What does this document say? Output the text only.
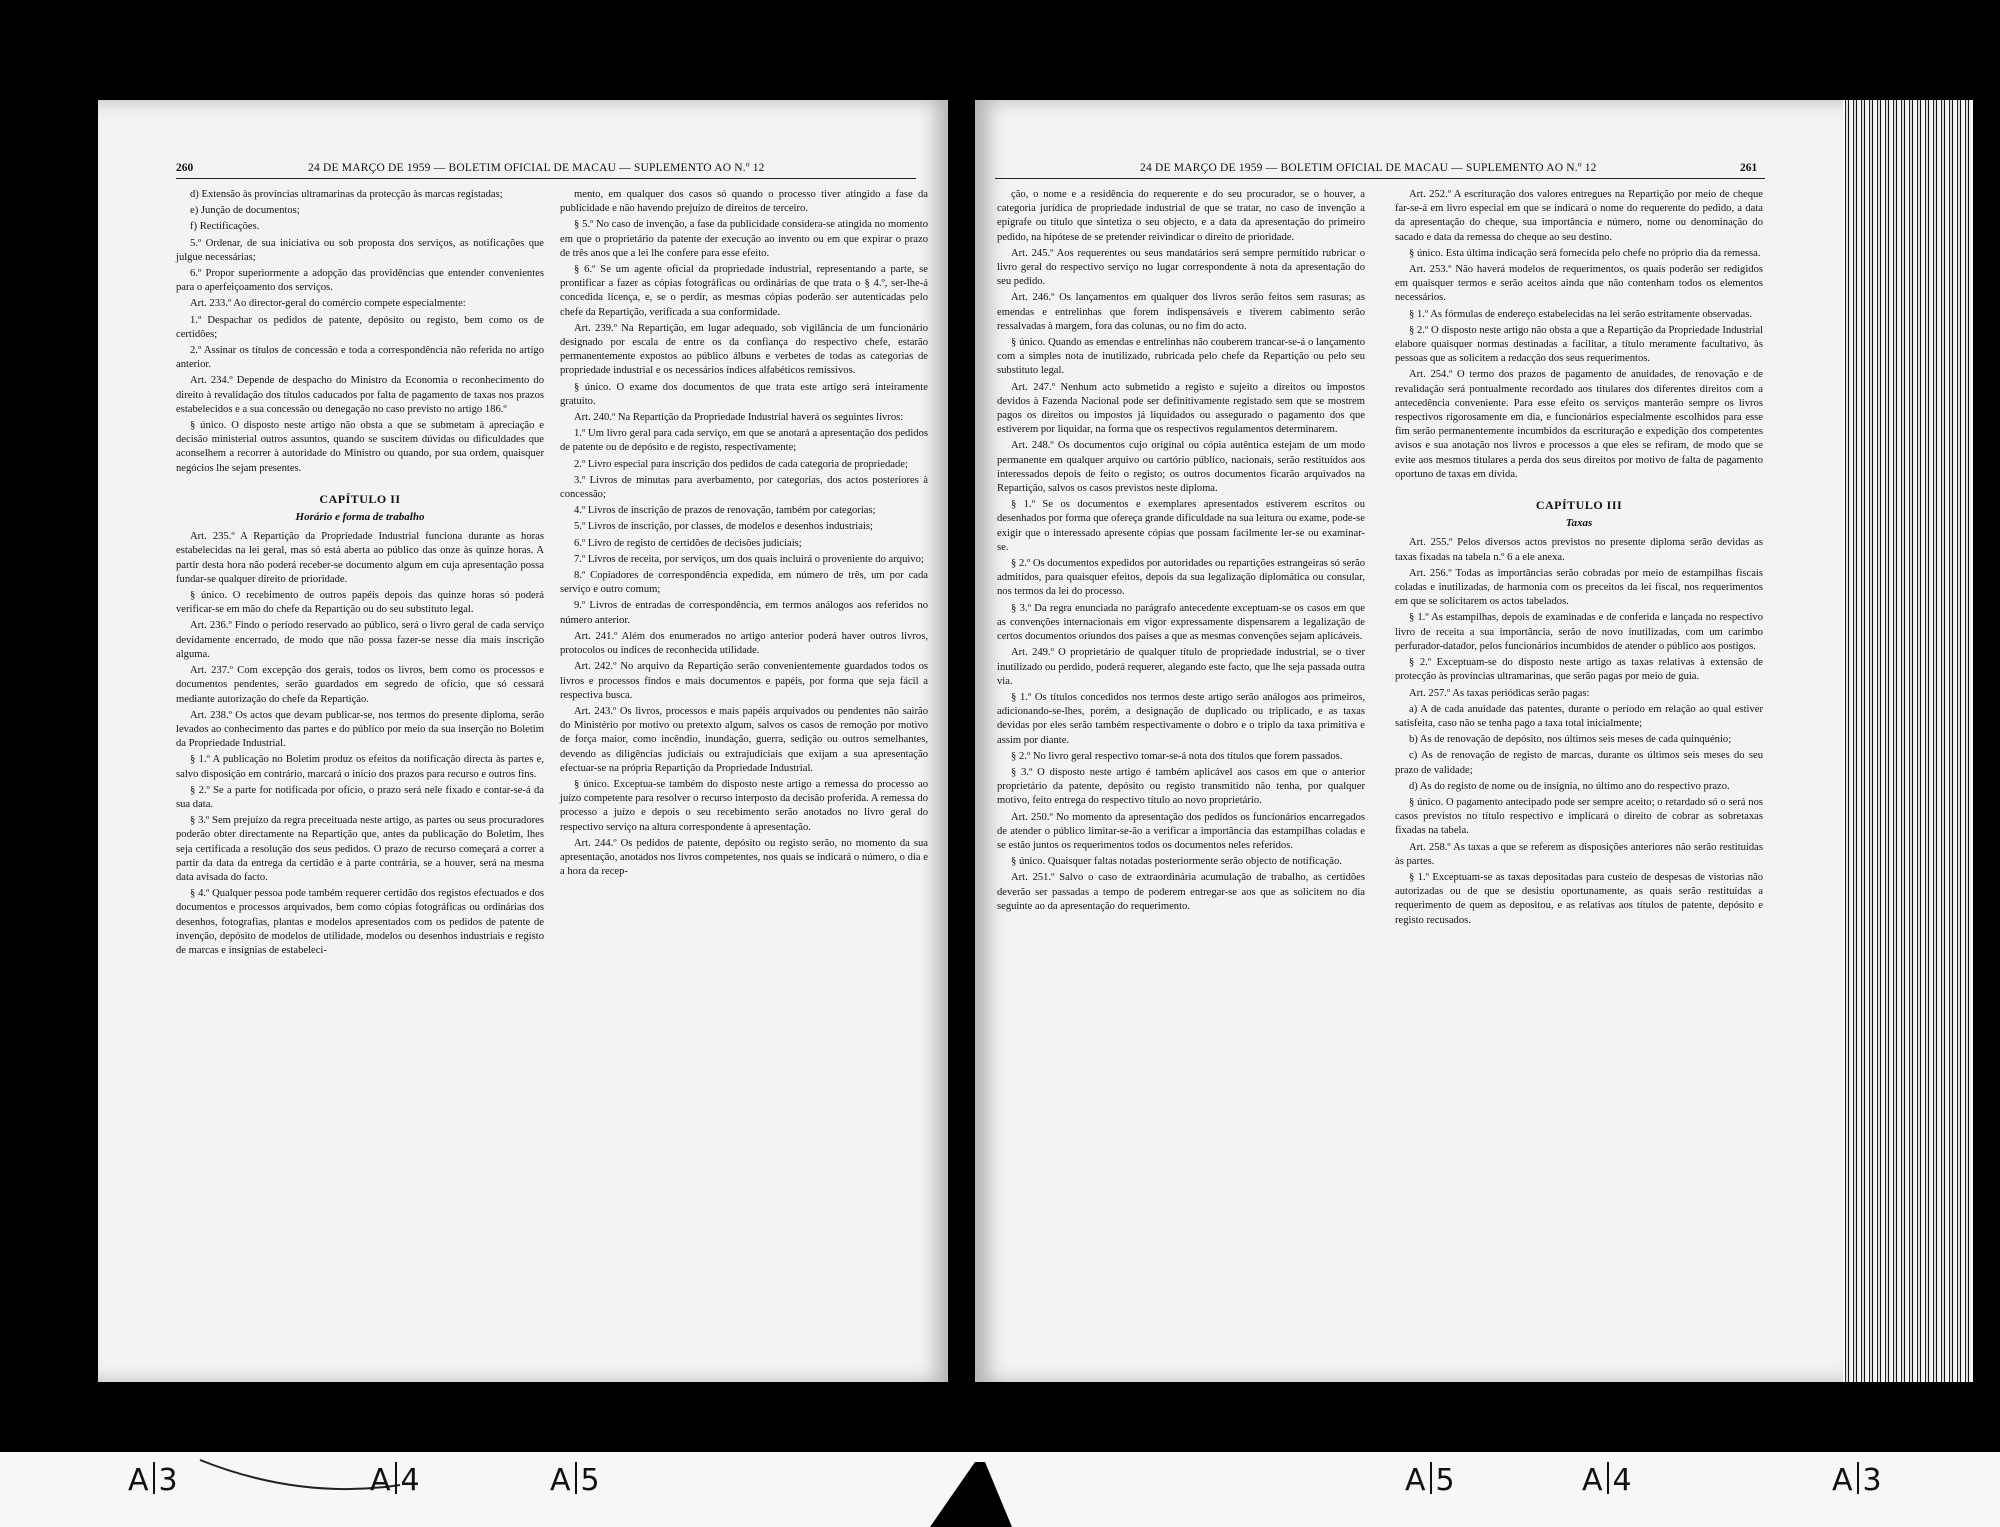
260	24 DE MARÇO DE 1959 — BOLETIM OFICIAL DE MACAU — SUPLEMENTO AO N.º 12

d) Extensão às províncias ultramarinas da protecção às marcas registadas;

e) Junção de documentos;

f) Rectificações.

5.º Ordenar, de sua iniciativa ou sob proposta dos serviços, as notificações que julgue necessárias;

6.º Propor superiormente a adopção das providências que entender convenientes para o aperfeiçoamento dos serviços.

Art. 233.º Ao director-geral do comércio compete especialmente:

1.º Despachar os pedidos de patente, depósito ou registo, bem como os de certidões;

2.º Assinar os títulos de concessão e toda a correspondência não referida no artigo anterior.

Art. 234.º Depende de despacho do Ministro da Economia o reconhecimento do direito à revalidação dos títulos caducados por falta de pagamento de taxas nos prazos estabelecidos e a sua concessão ou denegação no caso previsto no artigo 186.º

§ único. O disposto neste artigo não obsta a que se submetam à apreciação e decisão ministerial outros assuntos, quando se suscitem dúvidas ou dificuldades que aconselhem a recorrer à autoridade do Ministro ou quando, por sua ordem, quaisquer negócios lhe sejam presentes.

CAPÍTULO II
Horário e forma de trabalho

Art. 235.º A Repartição da Propriedade Industrial funciona durante as horas estabelecidas na lei geral, mas só está aberta ao público das onze às quinze horas. A partir desta hora não poderá receber-se documento algum em cuja apresentação possa fundar-se qualquer direito de prioridade.

§ único. O recebimento de outros papéis depois das quinze horas só poderá verificar-se em mão do chefe da Repartição ou do seu substituto legal.

Art. 236.º Findo o período reservado ao público, será o livro geral de cada serviço devidamente encerrado, de modo que não possa fazer-se nesse dia mais inscrição alguma.

Art. 237.º Com excepção dos gerais, todos os livros, bem como os processos e documentos pendentes, serão guardados em segredo de ofício, que só cessará mediante autorização do chefe da Repartição.

Art. 238.º Os actos que devam publicar-se, nos termos do presente diploma, serão levados ao conhecimento das partes e do público por meio da sua inserção no Boletim da Propriedade Industrial.

§ 1.º A publicação no Boletim produz os efeitos da notificação directa às partes e, salvo disposição em contrário, marcará o início dos prazos para recurso e outros fins.

§ 2.º Se a parte for notificada por ofício, o prazo será nele fixado e contar-se-á da sua data.

§ 3.º Sem prejuízo da regra preceituada neste artigo, as partes ou seus procuradores poderão obter directamente na Repartição que, antes da publicação do Boletim, lhes seja certificada a resolução dos seus pedidos. O prazo de recurso começará a correr a partir da data da entrega da certidão e à parte contrária, se a houver, será na mesma data avisada do facto.

§ 4.º Qualquer pessoa pode também requerer certidão dos registos efectuados e dos documentos e processos arquivados, bem como cópias fotográficas ou ordinárias dos desenhos, fotografias, plantas e modelos apresentados com os pedidos de patente de invenção, depósito de modelos de utilidade, modelos ou desenhos industriais e registo de marcas e insígnias de estabeleci-

mento, em qualquer dos casos só quando o processo tiver atingido a fase da publicidade e não havendo prejuízo de direitos de terceiro.

§ 5.º No caso de invenção, a fase da publicidade considera-se atingida no momento em que o proprietário da patente der execução ao invento ou em que expirar o prazo de três anos que a lei lhe confere para esse efeito.

§ 6.º Se um agente oficial da propriedade industrial, representando a parte, se prontificar a fazer as cópias fotográficas ou ordinárias de que trata o § 4.º, ser-lhe-á concedida licença, e, se o perdir, as mesmas cópias poderão ser autenticadas pelo chefe da Repartição, verificada a sua conformidade.

Art. 239.º Na Repartição, em lugar adequado, sob vigilância de um funcionário designado por escala de entre os da confiança do respectivo chefe, estarão permanentemente expostos ao público álbuns e verbetes de todas as categorias de propriedade industrial e os necessários índices alfabéticos remissivos.

§ único. O exame dos documentos de que trata este artigo será inteiramente gratuito.

Art. 240.º Na Repartição da Propriedade Industrial haverá os seguintes livros:

1.º Um livro geral para cada serviço, em que se anotará a apresentação dos pedidos de patente ou de depósito e de registo, respectivamente;

2.º Livro especial para inscrição dos pedidos de cada categoria de propriedade;

3.º Livros de minutas para averbamento, por categorias, dos actos posteriores à concessão;

4.º Livros de inscrição de prazos de renovação, também por categorias;

5.º Livros de inscrição, por classes, de modelos e desenhos industriais;

6.º Livro de registo de certidões de decisões judiciais;

7.º Livros de receita, por serviços, um dos quais incluirá o proveniente do arquivo;

8.º Copiadores de correspondência expedida, em número de três, um por cada serviço e outro comum;

9.º Livros de entradas de correspondência, em termos análogos aos referidos no número anterior.

Art. 241.º Além dos enumerados no artigo anterior poderá haver outros livros, protocolos ou índices de reconhecida utilidade.

Art. 242.º No arquivo da Repartição serão convenientemente guardados todos os livros e processos findos e mais documentos e papéis, por forma que seja fácil a respectiva busca.

Art. 243.º Os livros, processos e mais papéis arquivados ou pendentes não sairão do Ministério por motivo ou pretexto algum, salvos os casos de remoção por motivo de força maior, como incêndio, inundação, guerra, sedição ou outros semelhantes, devendo as diligências judiciais ou extrajudiciais que exijam a sua apresentação efectuar-se na própria Repartição da Propriedade Industrial.

§ único. Exceptua-se também do disposto neste artigo a remessa do processo ao juízo competente para resolver o recurso interposto da decisão proferida. A remessa do processo a juízo e depois o seu recebimento serão anotados no livro geral do respectivo serviço na altura correspondente à apresentação.

Art. 244.º Os pedidos de patente, depósito ou registo serão, no momento da sua apresentação, anotados nos livros competentes, nos quais se indicará o número, o dia e a hora da recep-

24 DE MARÇO DE 1959 — BOLETIM OFICIAL DE MACAU — SUPLEMENTO AO N.º 12	261

ção, o nome e a residência do requerente e do seu procurador, se o houver, a categoria jurídica de propriedade industrial de que se tratar, no caso de invenção a epígrafe ou título que sintetiza o seu objecto, e a data da apresentação do primeiro pedido, na hipótese de se pretender reivindicar o direito de prioridade.

Art. 245.º Aos requerentes ou seus mandatários será sempre permitido rubricar o livro geral do respectivo serviço no lugar correspondente à nota da apresentação do seu pedido.

Art. 246.º Os lançamentos em qualquer dos livros serão feitos sem rasuras; as emendas e entrelinhas que forem indispensáveis e tiverem cabimento serão ressalvadas à margem, fora das colunas, ou no fim do acto.

§ único. Quando as emendas e entrelinhas não couberem trancar-se-á o lançamento com a simples nota de inutilizado, rubricada pelo chefe da Repartição ou pelo seu substituto legal.

Art. 247.º Nenhum acto submetido a registo e sujeito a direitos ou impostos devidos à Fazenda Nacional pode ser definitivamente registado sem que se mostrem pagos os direitos ou impostos já liquidados ou assegurado o pagamento dos que estiverem por liquidar, na forma que os respectivos regulamentos determinarem.

Art. 248.º Os documentos cujo original ou cópia autêntica estejam de um modo permanente em qualquer arquivo ou cartório público, nacionais, serão restituídos aos interessados depois de feito o registo; os outros documentos ficarão arquivados na Repartição, salvos os casos previstos neste diploma.

§ 1.º Se os documentos e exemplares apresentados estiverem escritos ou desenhados por forma que ofereça grande dificuldade na sua leitura ou exame, pode-se exigir que o interessado apresente cópias que possam facilmente ler-se ou examinar-se.

§ 2.º Os documentos expedidos por autoridades ou repartições estrangeiras só serão admitidos, para quaisquer efeitos, depois da sua legalização diplomática ou consular, nos termos da lei do processo.

§ 3.º Da regra enunciada no parágrafo antecedente exceptuam-se os casos em que as convenções internacionais em vigor expressamente dispensarem a legalização de certos documentos oriundos dos países a que as mesmas convenções sejam aplicáveis.

Art. 249.º O proprietário de qualquer título de propriedade industrial, se o tiver inutilizado ou perdido, poderá requerer, alegando este facto, que lhe seja passada outra via.

§ 1.º Os títulos concedidos nos termos deste artigo serão análogos aos primeiros, adicionando-se-lhes, porém, a designação de duplicado ou triplicado, e as taxas devidas por eles serão também respectivamente o dobro e o triplo da taxa primitiva e assim por diante.

§ 2.º No livro geral respectivo tomar-se-á nota dos títulos que forem passados.

§ 3.º O disposto neste artigo é também aplicável aos casos em que o anterior proprietário da patente, depósito ou registo transmitido não tenha, por qualquer motivo, feito entrega do respectivo título ao novo proprietário.

Art. 250.º No momento da apresentação dos pedidos os funcionários encarregados de atender o público limitar-se-ão a verificar a importância das estampilhas coladas e se estão juntos os requerimentos todos os documentos neles referidos.

§ único. Quaisquer faltas notadas posteriormente serão objecto de notificação.

Art. 251.º Salvo o caso de extraordinária acumulação de trabalho, as certidões deverão ser passadas a tempo de poderem entregar-se aos que as solicitem no dia seguinte ao da apresentação do requerimento.

Art. 252.º A escrituração dos valores entregues na Repartição por meio de cheque far-se-á em livro especial em que se indicará o nome do requerente do pedido, a data da apresentação do cheque, sua importância e número, nome ou denominação do sacado e data da remessa do cheque ao seu destino.

§ único. Esta última indicação será fornecida pelo chefe no próprio dia da remessa.

Art. 253.º Não haverá modelos de requerimentos, os quais poderão ser redigidos em quaisquer termos e serão aceitos ainda que não contenham todos os elementos necessários.

§ 1.º As fórmulas de endereço estabelecidas na lei serão estritamente observadas.

§ 2.º O disposto neste artigo não obsta a que a Repartição da Propriedade Industrial elabore quaisquer normas destinadas a facilitar, a título meramente facultativo, às pessoas que as solicitem a redacção dos seus requerimentos.

Art. 254.º O termo dos prazos de pagamento de anuidades, de renovação e de revalidação será pontualmente recordado aos titulares dos diferentes direitos com a antecedência conveniente. Para esse efeito os serviços manterão sempre os livros respectivos rigorosamente em dia, e funcionários especialmente escolhidos para esse fim serão permanentemente incumbidos da escrituração e expedição dos competentes avisos e sua anotação nos livros e processos a que eles se refiram, de modo que se evite aos mesmos titulares a perda dos seus direitos por motivo de falta de pagamento oportuno de taxas em dívida.

CAPÍTULO III
Taxas

Art. 255.º Pelos diversos actos previstos no presente diploma serão devidas as taxas fixadas na tabela n.º 6 a ele anexa.

Art. 256.º Todas as importâncias serão cobradas por meio de estampilhas fiscais coladas e inutilizadas, de harmonia com os preceitos da lei fiscal, nos requerimentos em que se solicitarem os actos tabelados.

§ 1.º As estampilhas, depois de examinadas e de conferida e lançada no respectivo livro de receita a sua importância, serão de novo inutilizadas, com um carimbo perfurador-datador, pelos funcionários incumbidos de atender o público aos postigos.

§ 2.º Exceptuam-se do disposto neste artigo as taxas relativas à extensão de protecção às províncias ultramarinas, que serão pagas por meio de guia.

Art. 257.º As taxas periódicas serão pagas:

a) A de cada anuidade das patentes, durante o período em relação ao qual estiver satisfeita, caso não se tenha pago a taxa total inicialmente;

b) As de renovação de depósito, nos últimos seis meses de cada quinquénio;

c) As de renovação de registo de marcas, durante os últimos seis meses do seu prazo de validade;

d) As do registo de nome ou de insígnia, no último ano do respectivo prazo.

§ único. O pagamento antecipado pode ser sempre aceito; o retardado só o será nos casos previstos no título respectivo e implicará o direito de cobrar as sobretaxas fixadas na tabela.

Art. 258.º As taxas a que se referem as disposições anteriores não serão restituídas às partes.

§ 1.º Exceptuam-se as taxas depositadas para custeio de despesas de vistorias não autorizadas ou de que se desistiu oportunamente, as quais serão restituídas a requerimento de quem as depositou, e as relativas aos títulos de patente, depósito e registo recusados.

A 3	A 4	A 5	A 5	A 4	A 3
